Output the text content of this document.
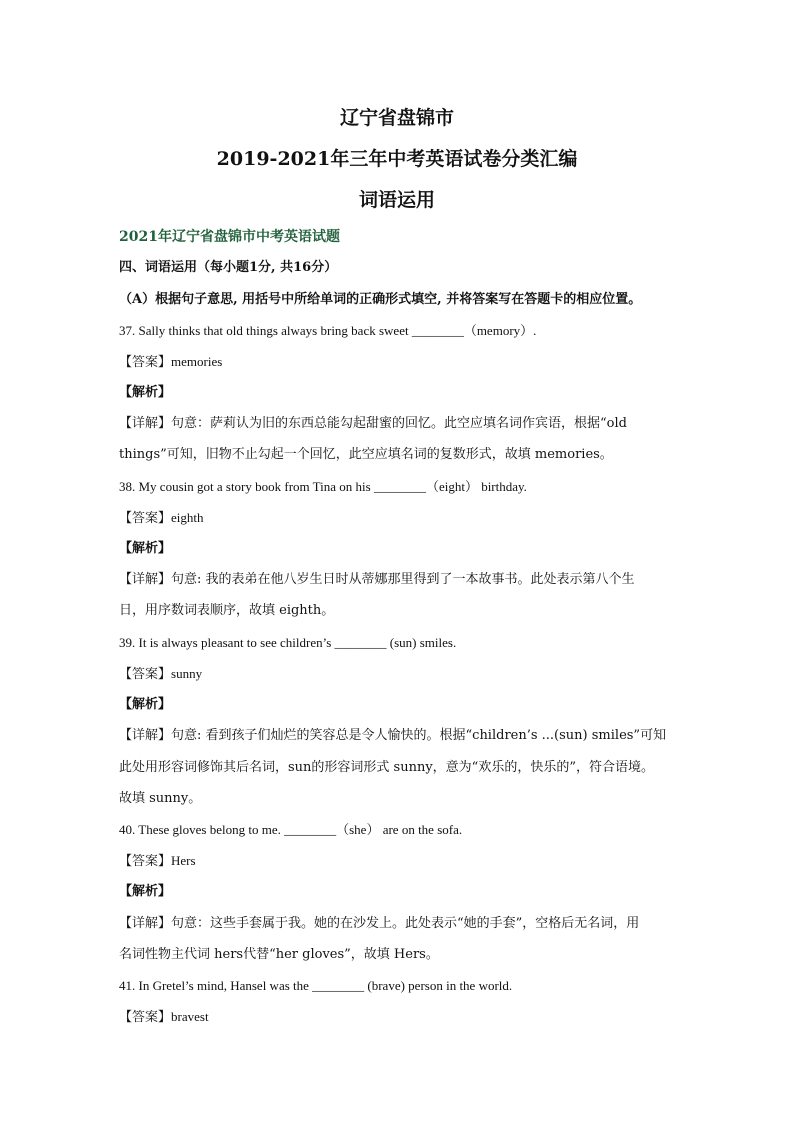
辽宁省盘锦市
2019-2021年三年中考英语试卷分类汇编
词语运用
2021年辽宁省盘锦市中考英语试题
四、词语运用（每小题1分, 共16分）
（A）根据句子意思, 用括号中所给单词的正确形式填空, 并将答案写在答题卡的相应位置。
37. Sally thinks that old things always bring back sweet ________（memory）.
【答案】memories
【解析】
【详解】句意：萨莉认为旧的东西总能勾起甜蜜的回忆。此空应填名词作宾语，根据“old
things”可知，旧物不止勾起一个回忆，此空应填名词的复数形式，故填 memories。
38. My cousin got a story book from Tina on his ________（eight） birthday.
【答案】eighth
【解析】
【详解】句意: 我的表弟在他八岁生日时从蒂娜那里得到了一本故事书。此处表示第八个生
日，用序数词表顺序，故填 eighth。
39. It is always pleasant to see children’s ________ (sun) smiles.
【答案】sunny
【解析】
【详解】句意: 看到孩子们灿烂的笑容总是令人愉快的。根据“children’s ...(sun) smiles”可知
此处用形容词修饰其后名词，sun的形容词形式 sunny，意为“欢乐的，快乐的”，符合语境。
故填 sunny。
40. These gloves belong to me. ________（she） are on the sofa.
【答案】Hers
【解析】
【详解】句意：这些手套属于我。她的在沙发上。此处表示“她的手套”，空格后无名词，用
名词性物主代词 hers代替“her gloves”，故填 Hers。
41. In Gretel’s mind, Hansel was the ________ (brave) person in the world.
【答案】bravest
